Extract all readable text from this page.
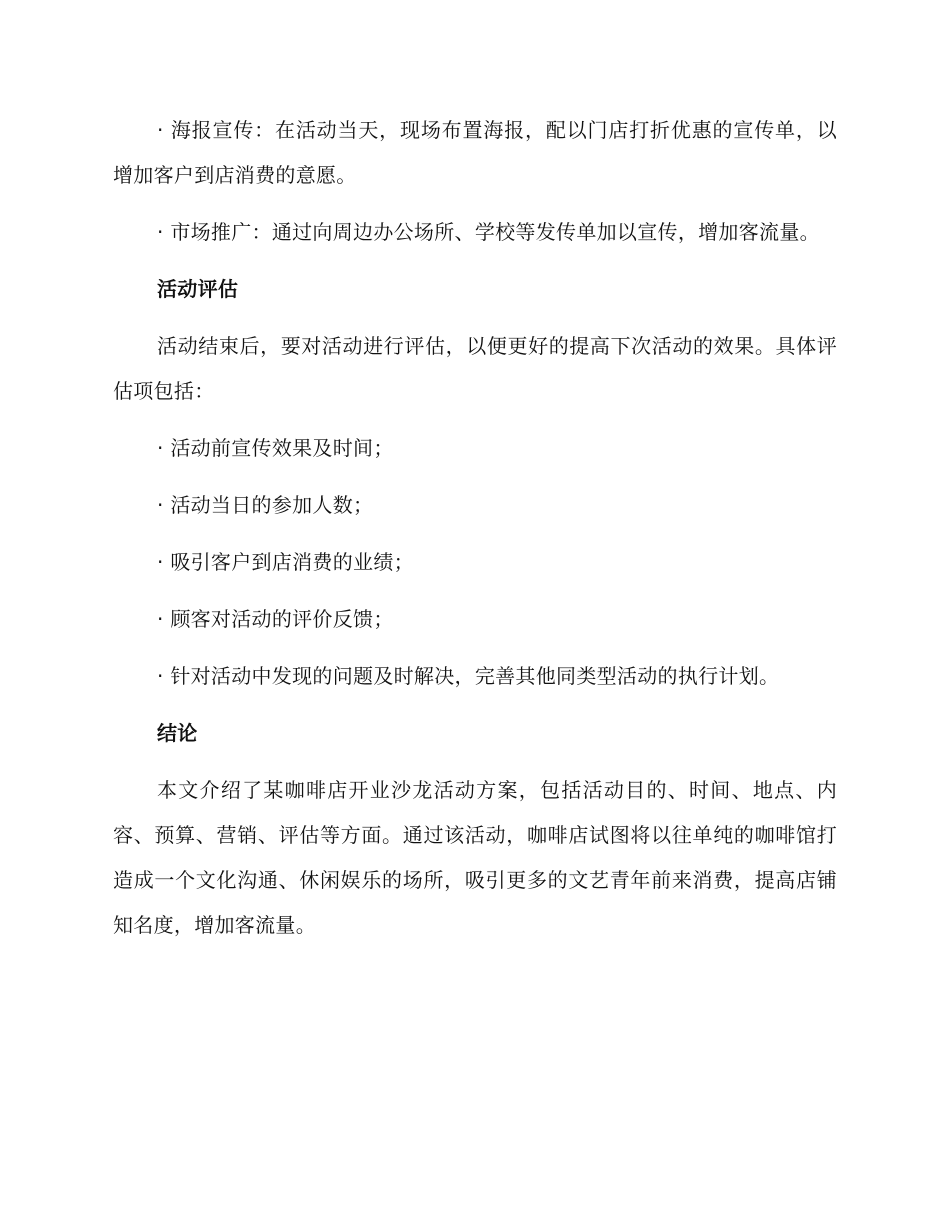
· 海报宣传：在活动当天，现场布置海报，配以门店打折优惠的宣传单，以增加客户到店消费的意愿。

· 市场推广：通过向周边办公场所、学校等发传单加以宣传，增加客流量。

活动评估

活动结束后，要对活动进行评估，以便更好的提高下次活动的效果。具体评估项包括：

· 活动前宣传效果及时间；

· 活动当日的参加人数；

· 吸引客户到店消费的业绩；

· 顾客对活动的评价反馈；

· 针对活动中发现的问题及时解决，完善其他同类型活动的执行计划。

结论

本文介绍了某咖啡店开业沙龙活动方案，包括活动目的、时间、地点、内容、预算、营销、评估等方面。通过该活动，咖啡店试图将以往单纯的咖啡馆打造成一个文化沟通、休闲娱乐的场所，吸引更多的文艺青年前来消费，提高店铺知名度，增加客流量。
